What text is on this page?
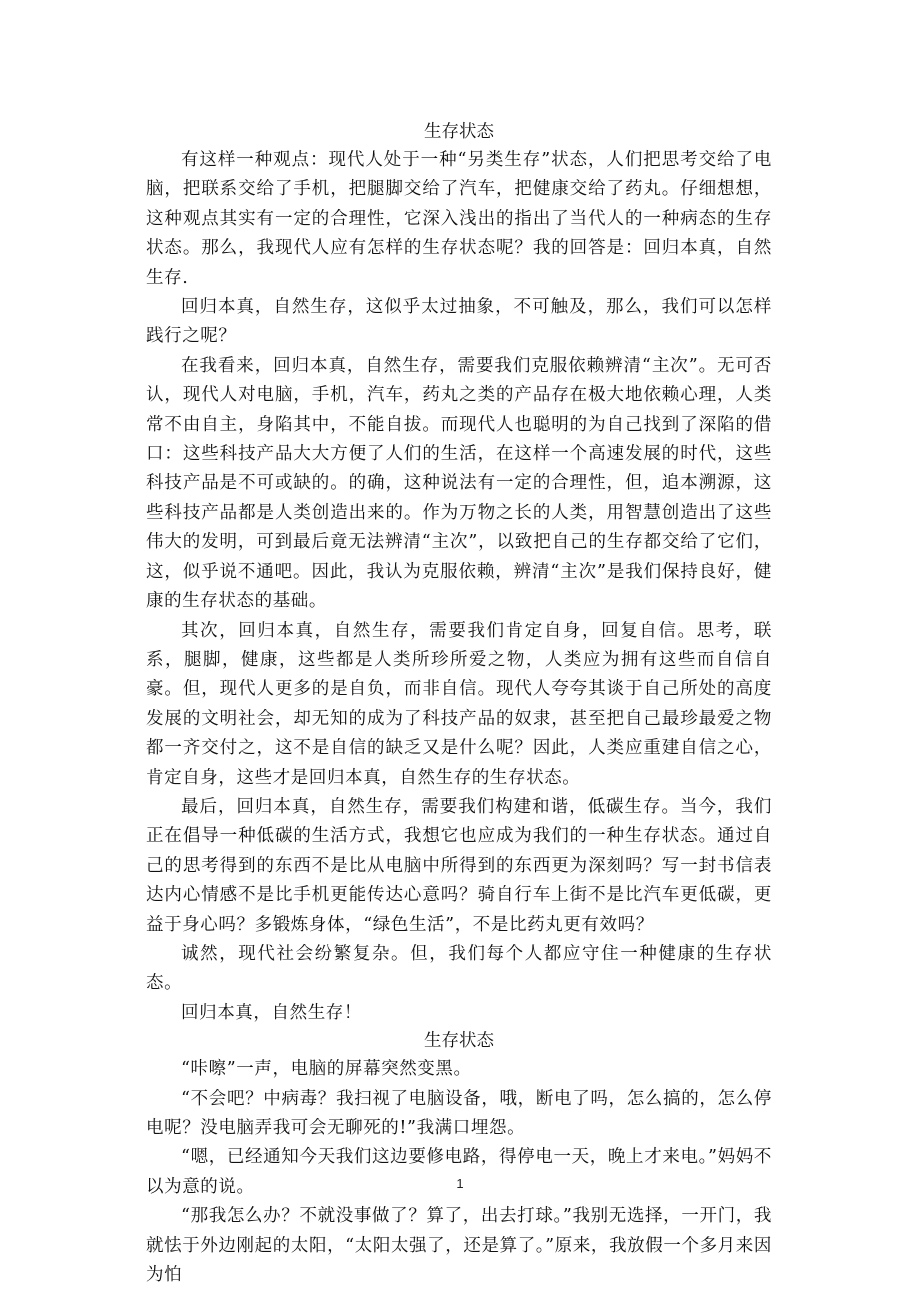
生存状态

有这样一种观点：现代人处于一种“另类生存”状态，人们把思考交给了电脑，把联系交给了手机，把腿脚交给了汽车，把健康交给了药丸。仔细想想，这种观点其实有一定的合理性，它深入浅出的指出了当代人的一种病态的生存状态。那么，我现代人应有怎样的生存状态呢？我的回答是：回归本真，自然生存.

回归本真，自然生存，这似乎太过抽象，不可触及，那么，我们可以怎样践行之呢？

在我看来，回归本真，自然生存，需要我们克服依赖辨清“主次”。无可否认，现代人对电脑，手机，汽车，药丸之类的产品存在极大地依赖心理，人类常不由自主，身陷其中，不能自拔。而现代人也聪明的为自己找到了深陷的借口：这些科技产品大大方便了人们的生活，在这样一个高速发展的时代，这些科技产品是不可或缺的。的确，这种说法有一定的合理性，但，追本溯源，这些科技产品都是人类创造出来的。作为万物之长的人类，用智慧创造出了这些伟大的发明，可到最后竟无法辨清“主次”，以致把自己的生存都交给了它们，这，似乎说不通吧。因此，我认为克服依赖，辨清“主次”是我们保持良好，健康的生存状态的基础。

其次，回归本真，自然生存，需要我们肯定自身，回复自信。思考，联系，腿脚，健康，这些都是人类所珍所爱之物，人类应为拥有这些而自信自豪。但，现代人更多的是自负，而非自信。现代人夸夸其谈于自己所处的高度发展的文明社会，却无知的成为了科技产品的奴隶，甚至把自己最珍最爱之物都一齐交付之，这不是自信的缺乏又是什么呢？因此，人类应重建自信之心，肯定自身，这些才是回归本真，自然生存的生存状态。

最后，回归本真，自然生存，需要我们构建和谐，低碳生存。当今，我们正在倡导一种低碳的生活方式，我想它也应成为我们的一种生存状态。通过自己的思考得到的东西不是比从电脑中所得到的东西更为深刻吗？写一封书信表达内心情感不是比手机更能传达心意吗？骑自行车上街不是比汽车更低碳，更益于身心吗？多锻炼身体，“绿色生活”，不是比药丸更有效吗？

诚然，现代社会纷繁复杂。但，我们每个人都应守住一种健康的生存状态。

回归本真，自然生存！

生存状态

“咔嚓”一声，电脑的屏幕突然变黑。

“不会吧？中病毒？我扫视了电脑设备，哦，断电了吗，怎么搞的，怎么停电呢？没电脑弄我可会无聊死的!”我满口埋怨。

“嗯，已经通知今天我们这边要修电路，得停电一天，晚上才来电。”妈妈不以为意的说。

“那我怎么办？不就没事做了？算了，出去打球。”我别无选择，一开门，我就怯于外边刚起的太阳，“太阳太强了，还是算了。”原来，我放假一个多月来因为怕

1
